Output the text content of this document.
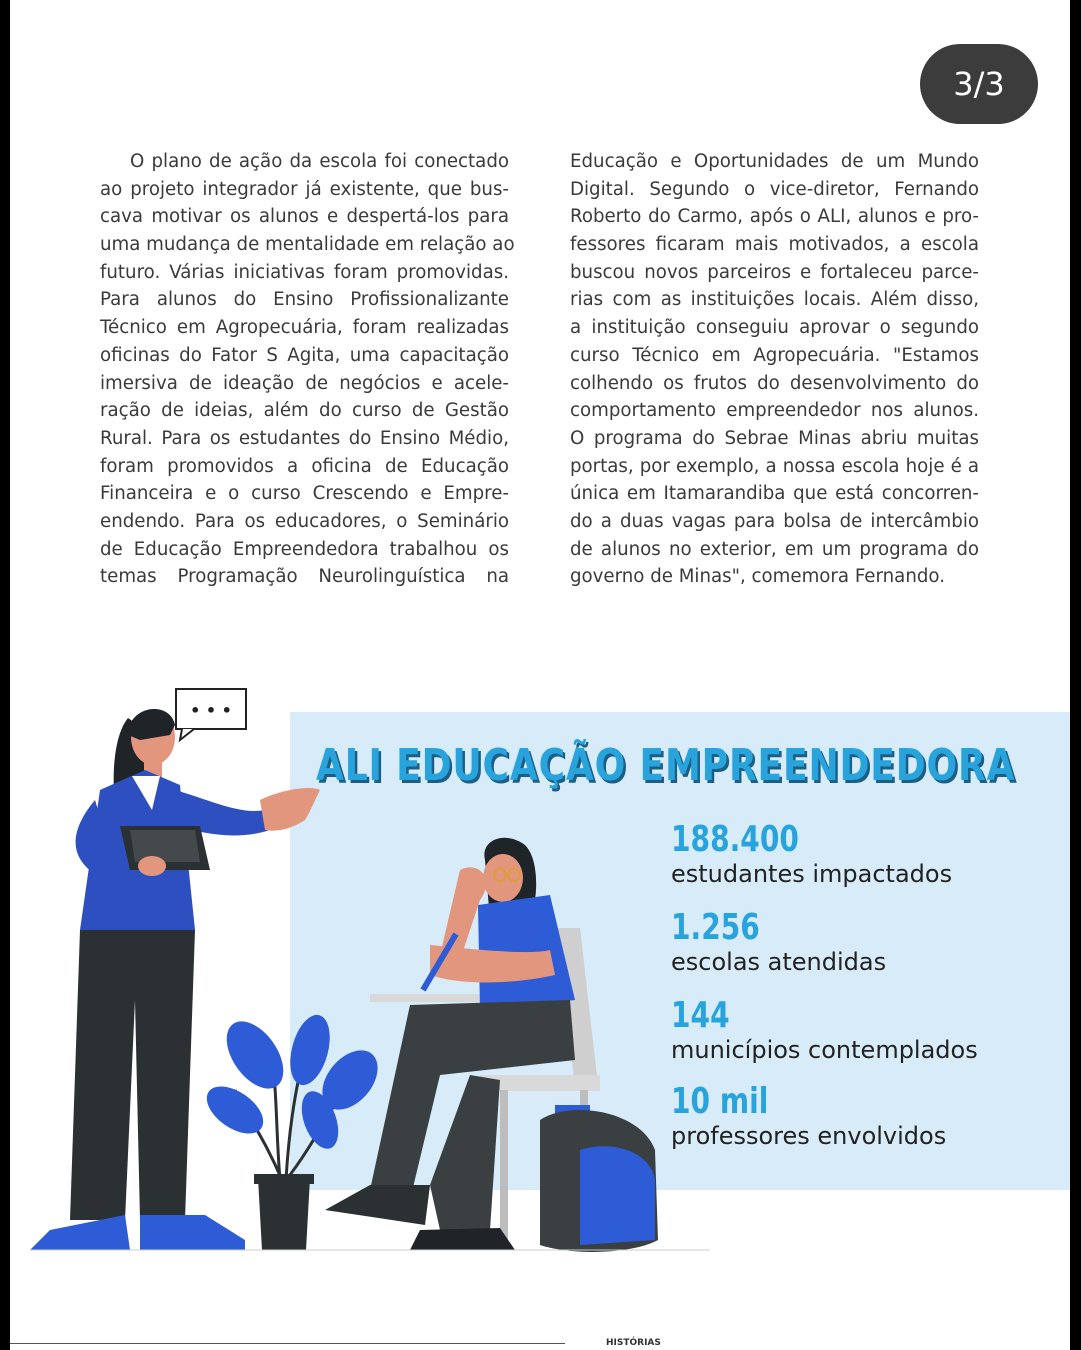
3/3
O plano de ação da escola foi conectado
ao projeto integrador já existente, que bus-
cava motivar os alunos e despertá-los para
uma mudança de mentalidade em relação ao
futuro. Várias iniciativas foram promovidas.
Para alunos do Ensino Profissionalizante
Técnico em Agropecuária, foram realizadas
oficinas do Fator S Agita, uma capacitação
imersiva de ideação de negócios e acele-
ração de ideias, além do curso de Gestão
Rural. Para os estudantes do Ensino Médio,
foram promovidos a oficina de Educação
Financeira e o curso Crescendo e Empre-
endendo. Para os educadores, o Seminário
de Educação Empreendedora trabalhou os
temas Programação Neurolinguística na
Educação e Oportunidades de um Mundo
Digital. Segundo o vice-diretor, Fernando
Roberto do Carmo, após o ALI, alunos e pro-
fessores ficaram mais motivados, a escola
buscou novos parceiros e fortaleceu parce-
rias com as instituições locais. Além disso,
a instituição conseguiu aprovar o segundo
curso Técnico em Agropecuária. "Estamos
colhendo os frutos do desenvolvimento do
comportamento empreendedor nos alunos.
O programa do Sebrae Minas abriu muitas
portas, por exemplo, a nossa escola hoje é a
única em Itamarandiba que está concorren-
do a duas vagas para bolsa de intercâmbio
de alunos no exterior, em um programa do
governo de Minas", comemora Fernando.
• • •
ALI EDUCAÇÃO EMPREENDEDORA
188.400
estudantes impactados
1.256
escolas atendidas
144
municípios contemplados
10 mil
professores envolvidos
HISTÓRIAS
